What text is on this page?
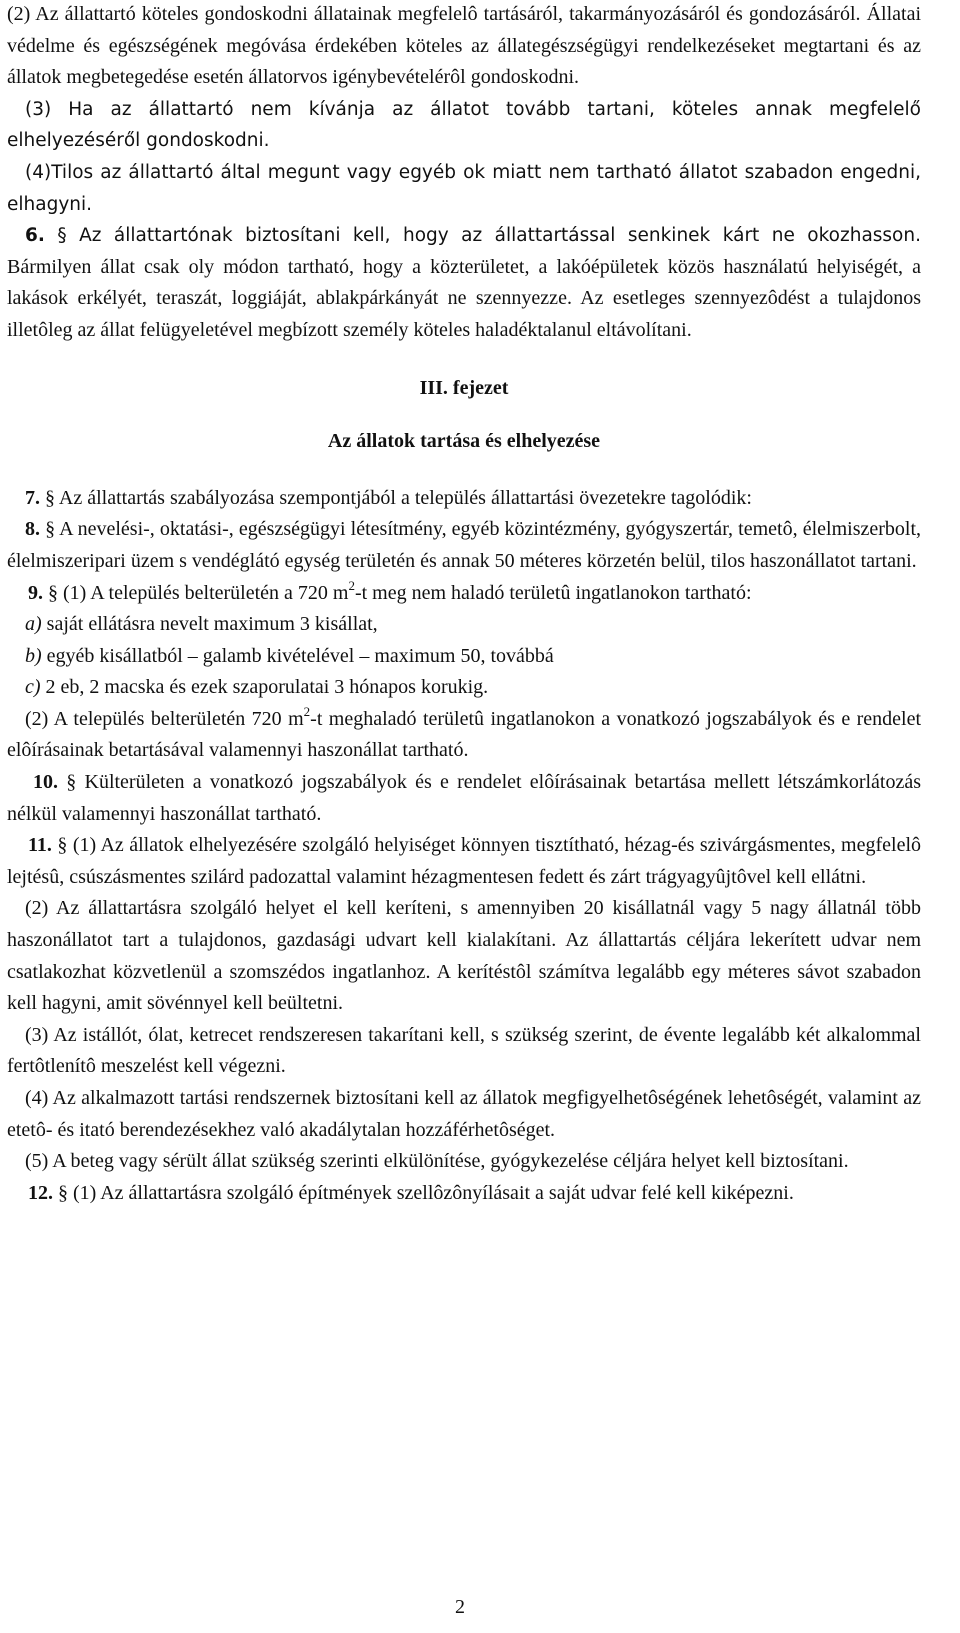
(2) Az állattartó köteles gondoskodni állatainak megfelelô tartásáról, takarmányozásáról és gondozásáról. Állatai védelme és egészségének megóvása érdekében köteles az állategészségügyi rendelkezéseket megtartani és az állatok megbetegedése esetén állatorvos igénybevételérôl gondoskodni.

(3) Ha az állattartó nem kívánja az állatot tovább tartani, köteles annak megfelelő elhelyezéséről gondoskodni.

(4)Tilos az állattartó által megunt vagy egyéb ok miatt nem tartható állatot szabadon engedni, elhagyni.

6. § Az állattartónak biztosítani kell, hogy az állattartással senkinek kárt ne okozhasson. Bármilyen állat csak oly módon tartható, hogy a közterületet, a lakóépületek közös használatú helyiségét, a lakások erkélyét, teraszát, loggiáját, ablakpárkányát ne szennyezze. Az esetleges szennyezôdést a tulajdonos illetôleg az állat felügyeletével megbízott személy köteles haladéktalanul eltávolítani.

III. fejezet

Az állatok tartása és elhelyezése

7. § Az állattartás szabályozása szempontjából a település állattartási övezetekre tagolódik:

8. § A nevelési-, oktatási-, egészségügyi létesítmény, egyéb közintézmény, gyógyszertár, temetô, élelmiszerbolt, élelmiszeripari üzem s vendéglátó egység területén és annak 50 méteres körzetén belül, tilos haszonállatot tartani.

9. § (1) A település belterületén a 720 $m^2-t$ meg nem haladó területû ingatlanokon tartható:

a) saját ellátásra nevelt maximum 3 kisállat,
b) egyéb kisállatból – galamb kivételével – maximum 50, továbbá
c) 2 eb, 2 macska és ezek szaporulatai 3 hónapos korukig.

(2) A település belterületén 720 $m^2-t$ meghaladó területû ingatlanokon a vonatkozó jogszabályok és e rendelet elôírásainak betartásával valamennyi haszonállat tartható.

10. § Külterületen a vonatkozó jogszabályok és e rendelet elôírásainak betartása mellett létszámkorlátozás nélkül valamennyi haszonállat tartható.

11. § (1) Az állatok elhelyezésére szolgáló helyiséget könnyen tisztítható, hézag-és szivárgásmentes, megfelelô lejtésû, csúszásmentes szilárd padozattal valamint hézagmentesen fedett és zárt trágyagyûjtôvel kell ellátni.

(2) Az állattartásra szolgáló helyet el kell keríteni, s amennyiben 20 kisállatnál vagy 5 nagy állatnál több haszonállatot tart a tulajdonos, gazdasági udvart kell kialakítani. Az állattartás céljára lekerített udvar nem csatlakozhat közvetlenül a szomszédos ingatlanhoz. A kerítéstôl számítva legalább egy méteres sávot szabadon kell hagyni, amit sövénnyel kell beültetni.

(3) Az istállót, ólat, ketrecet rendszeresen takarítani kell, s szükség szerint, de évente legalább két alkalommal fertôtlenítô meszelést kell végezni.

(4) Az alkalmazott tartási rendszernek biztosítani kell az állatok megfigyelhetôségének lehetôségét, valamint az etetô- és itató berendezésekhez való akadálytalan hozzáférhetôséget.

(5) A beteg vagy sérült állat szükség szerinti elkülönítése, gyógykezelése céljára helyet kell biztosítani.

12. § (1) Az állattartásra szolgáló építmények szellôzônyílásait a saját udvar felé kell kiképezni.

2
